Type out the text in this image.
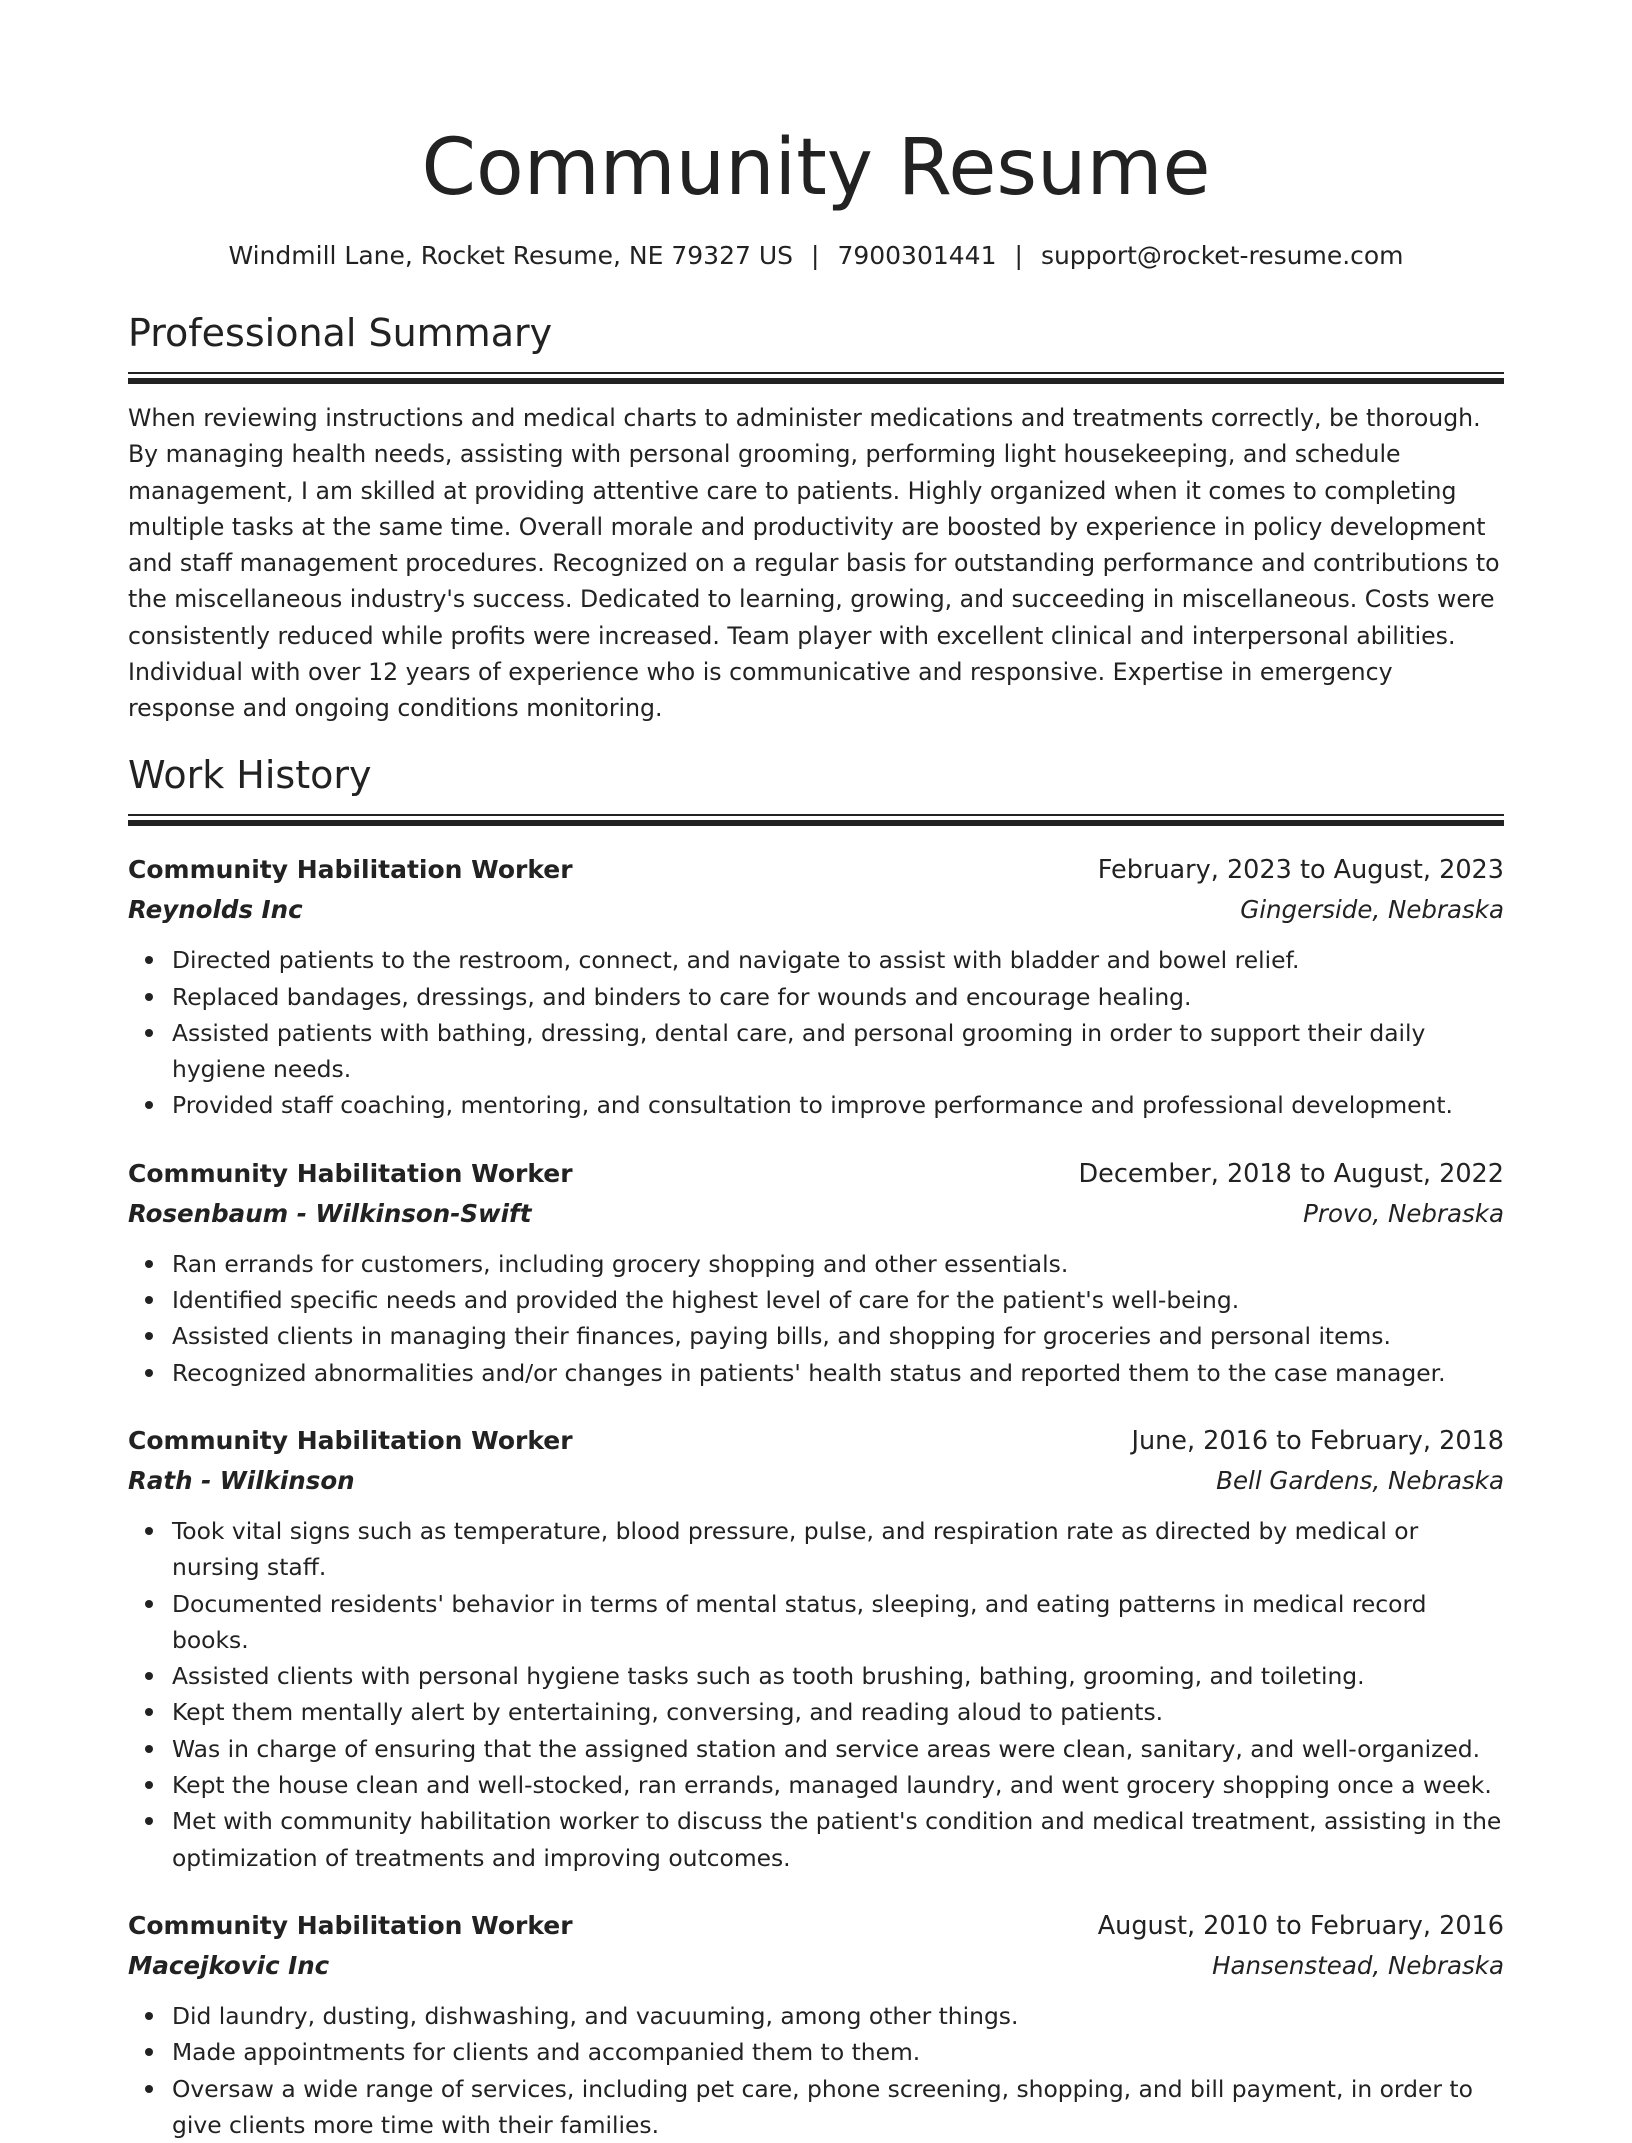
Community Resume
Windmill Lane, Rocket Resume, NE 79327 US | 7900301441 | support@rocket-resume.com
Professional Summary

When reviewing instructions and medical charts to administer medications and treatments correctly, be thorough. By managing health needs, assisting with personal grooming, performing light housekeeping, and schedule management, I am skilled at providing attentive care to patients. Highly organized when it comes to completing multiple tasks at the same time. Overall morale and productivity are boosted by experience in policy development and staff management procedures. Recognized on a regular basis for outstanding performance and contributions to the miscellaneous industry's success. Dedicated to learning, growing, and succeeding in miscellaneous. Costs were consistently reduced while profits were increased. Team player with excellent clinical and interpersonal abilities. Individual with over 12 years of experience who is communicative and responsive. Expertise in emergency response and ongoing conditions monitoring.

Work History
Community Habilitation Worker	February, 2023 to August, 2023
Reynolds Inc	Gingerside, Nebraska
Directed patients to the restroom, connect, and navigate to assist with bladder and bowel relief.
Replaced bandages, dressings, and binders to care for wounds and encourage healing.
Assisted patients with bathing, dressing, dental care, and personal grooming in order to support their daily hygiene needs.
Provided staff coaching, mentoring, and consultation to improve performance and professional development.
Community Habilitation Worker	December, 2018 to August, 2022
Rosenbaum - Wilkinson-Swift	Provo, Nebraska
Ran errands for customers, including grocery shopping and other essentials.
Identified specific needs and provided the highest level of care for the patient's well-being.
Assisted clients in managing their finances, paying bills, and shopping for groceries and personal items.
Recognized abnormalities and/or changes in patients' health status and reported them to the case manager.
Community Habilitation Worker	June, 2016 to February, 2018
Rath - Wilkinson	Bell Gardens, Nebraska
Took vital signs such as temperature, blood pressure, pulse, and respiration rate as directed by medical or nursing staff.
Documented residents' behavior in terms of mental status, sleeping, and eating patterns in medical record books.
Assisted clients with personal hygiene tasks such as tooth brushing, bathing, grooming, and toileting.
Kept them mentally alert by entertaining, conversing, and reading aloud to patients.
Was in charge of ensuring that the assigned station and service areas were clean, sanitary, and well-organized.
Kept the house clean and well-stocked, ran errands, managed laundry, and went grocery shopping once a week.
Met with community habilitation worker to discuss the patient's condition and medical treatment, assisting in the optimization of treatments and improving outcomes.
Community Habilitation Worker	August, 2010 to February, 2016
Macejkovic Inc	Hansenstead, Nebraska
Did laundry, dusting, dishwashing, and vacuuming, among other things.
Made appointments for clients and accompanied them to them.
Oversaw a wide range of services, including pet care, phone screening, shopping, and bill payment, in order to give clients more time with their families.
